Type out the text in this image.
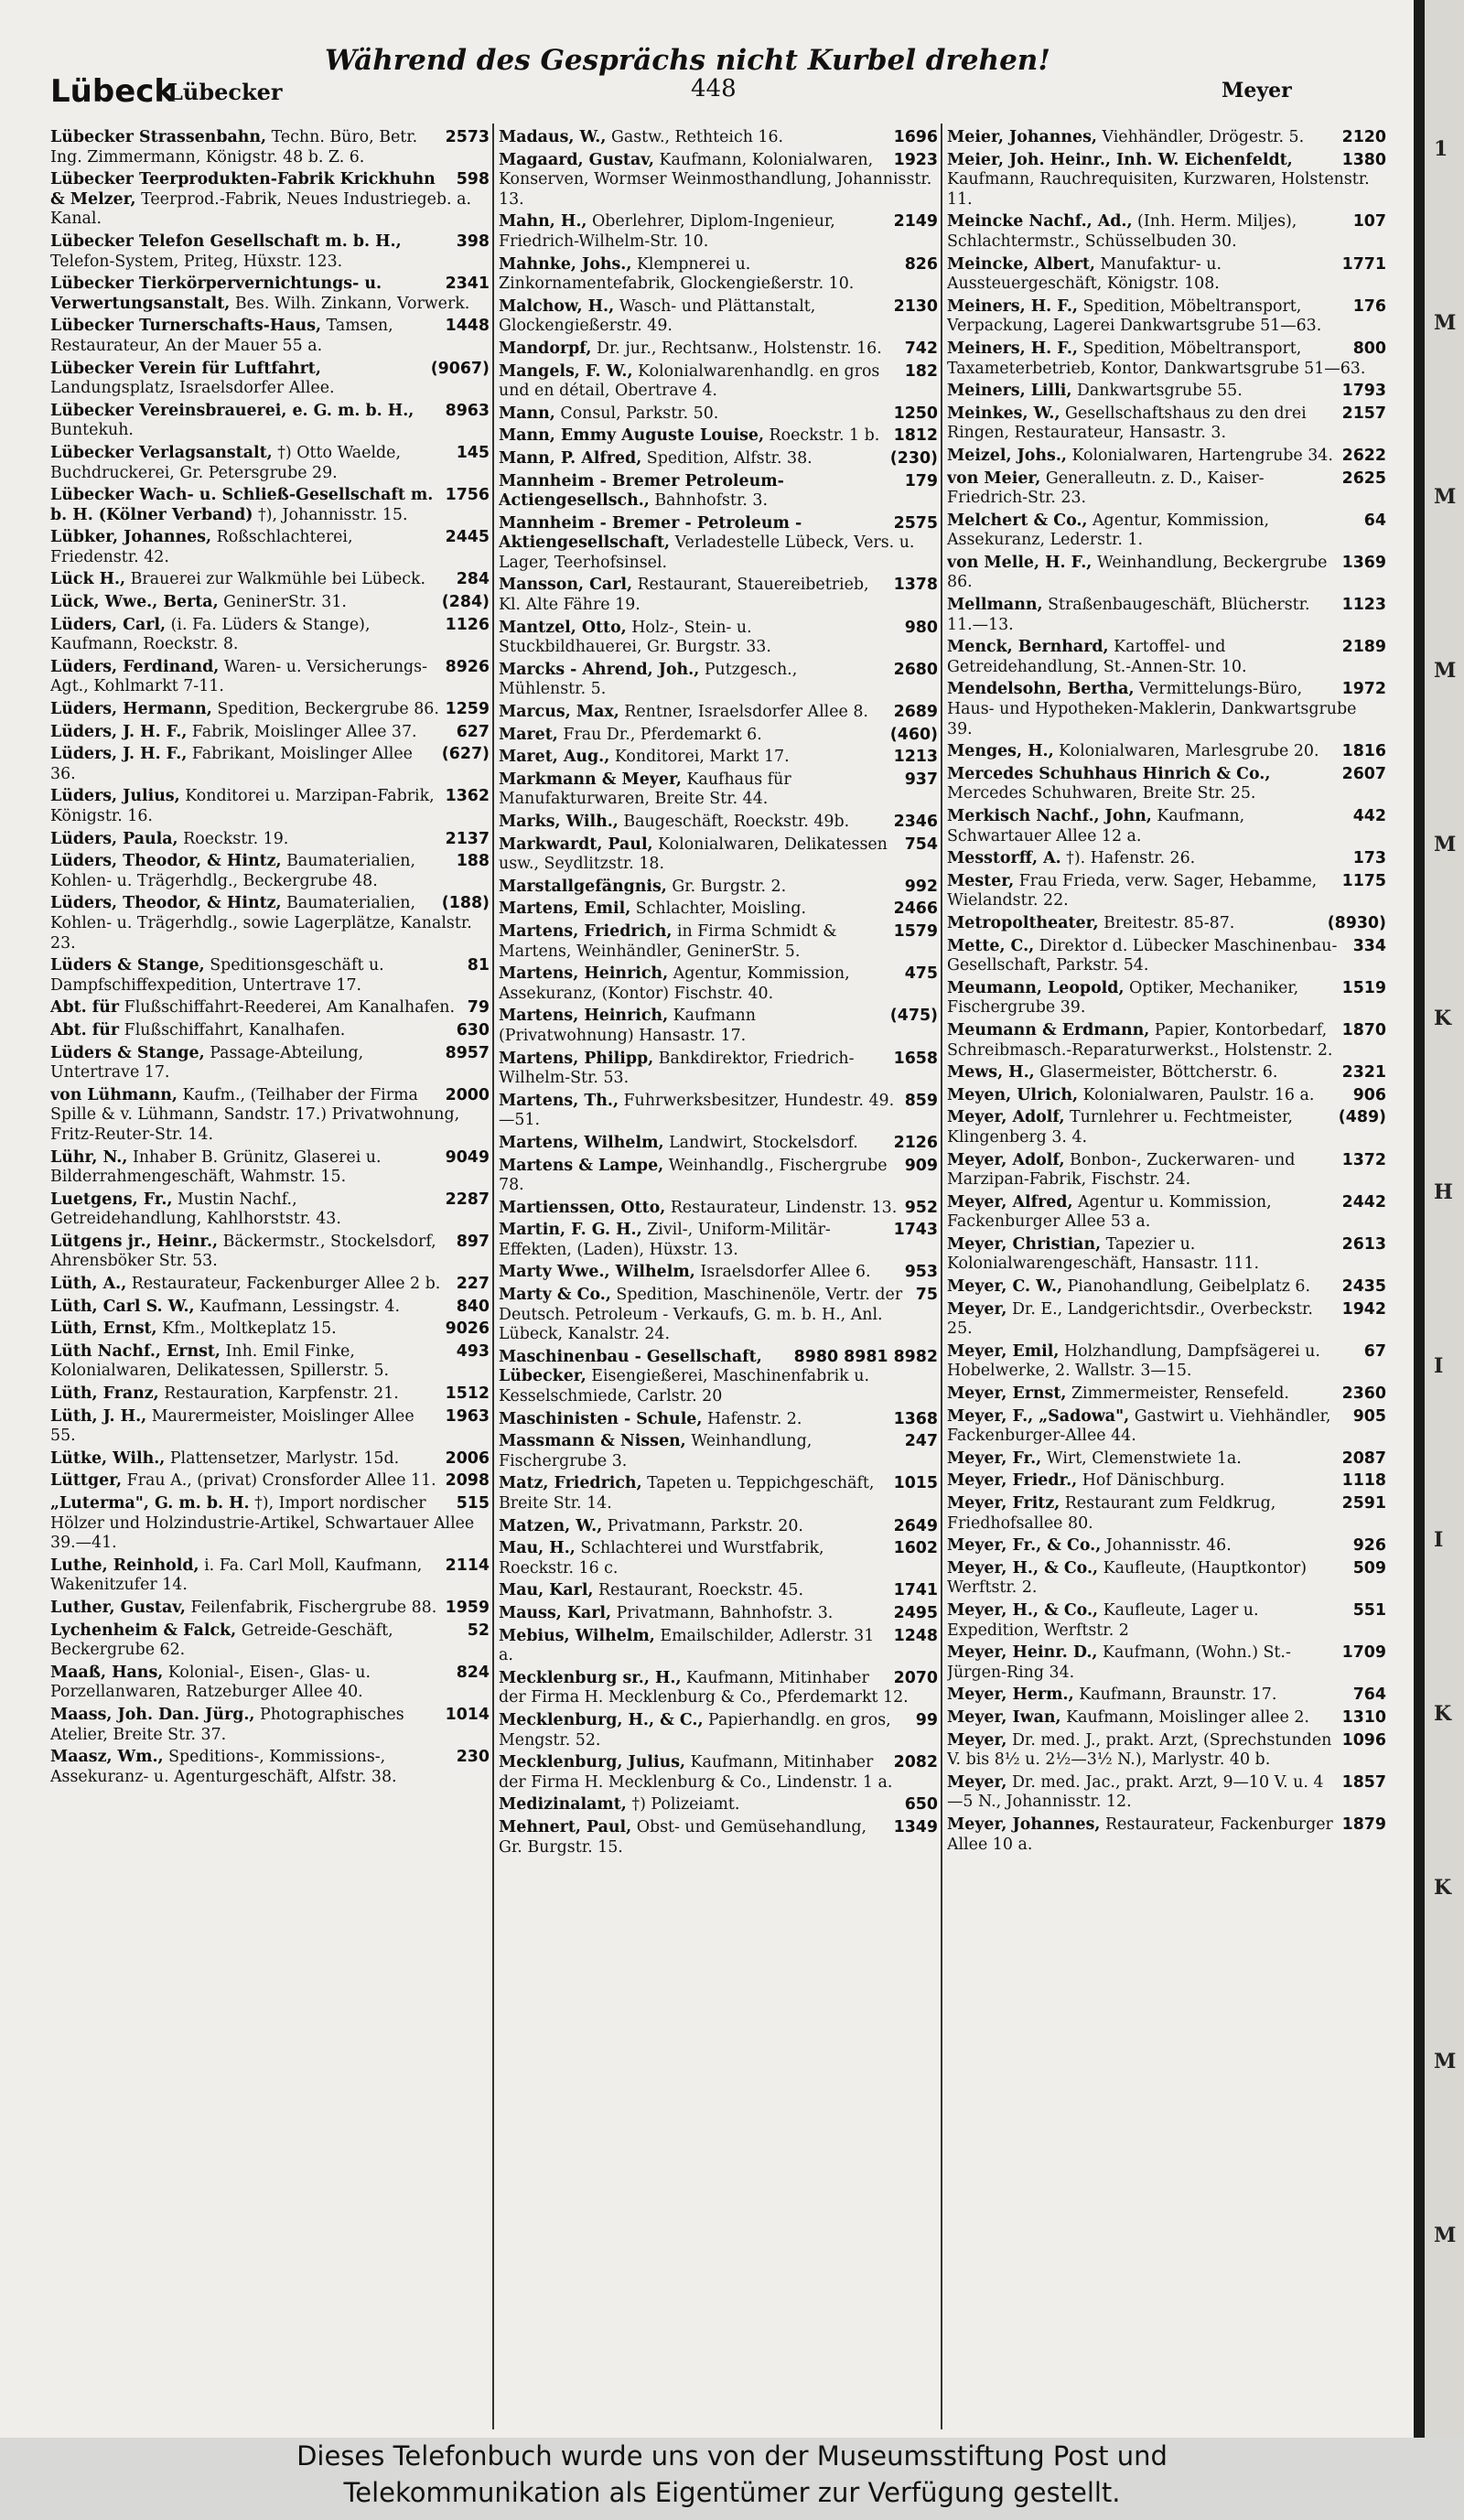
Lübeck
Lübecker
Während des Gesprächs nicht Kurbel drehen!
448	Meyer

2573
Lübecker Strassenbahn, Techn. Büro, Betr. Ing. Zimmermann, Königstr. 48 b. Z. 6.

598
Lübecker Teerprodukten-Fabrik Krickhuhn & Melzer, Teerprod.-Fabrik, Neues Industriegeb. a. Kanal.

398
Lübecker Telefon Gesellschaft m. b. H., Telefon-System, Priteg, Hüxstr. 123.

2341
Lübecker Tierkörpervernichtungs- u. Verwertungsanstalt, Bes. Wilh. Zinkann, Vorwerk.

1448
Lübecker Turnerschafts-Haus, Tamsen, Restaurateur, An der Mauer 55 a.

(9067)
Lübecker Verein für Luftfahrt, Landungsplatz, Israelsdorfer Allee.

8963
Lübecker Vereinsbrauerei, e. G. m. b. H., Buntekuh.

145
Lübecker Verlagsanstalt, †) Otto Waelde, Buchdruckerei, Gr. Petersgrube 29.

1756
Lübecker Wach- u. Schließ-Gesellschaft m. b. H. (Kölner Verband) †), Johannisstr. 15.

2445
Lübker, Johannes, Roßschlachterei, Friedenstr. 42.

284
Lück H., Brauerei zur Walkmühle bei Lübeck.

(284)
Lück, Wwe., Berta, GeninerStr. 31.

1126
Lüders, Carl, (i. Fa. Lüders & Stange), Kaufmann, Roeckstr. 8.

8926
Lüders, Ferdinand, Waren- u. Versicherungs-Agt., Kohlmarkt 7-11.

1259
Lüders, Hermann, Spedition, Beckergrube 86.

627
Lüders, J. H. F., Fabrik, Moislinger Allee 37.

(627)
Lüders, J. H. F., Fabrikant, Moislinger Allee 36.

1362
Lüders, Julius, Konditorei u. Marzipan-Fabrik, Königstr. 16.

2137
Lüders, Paula, Roeckstr. 19.

188
Lüders, Theodor, & Hintz, Baumaterialien, Kohlen- u. Trägerhdlg., Beckergrube 48.

(188)
Lüders, Theodor, & Hintz, Baumaterialien, Kohlen- u. Trägerhdlg., sowie Lagerplätze, Kanalstr. 23.

81
Lüders & Stange, Speditionsgeschäft u. Dampfschiffexpedition, Untertrave 17.

79
Abt. für Flußschiffahrt-Reederei, Am Kanalhafen.

630
Abt. für Flußschiffahrt, Kanalhafen.

8957
Lüders & Stange, Passage-Abteilung, Untertrave 17.

2000
von Lühmann, Kaufm., (Teilhaber der Firma Spille & v. Lühmann, Sandstr. 17.) Privatwohnung, Fritz-Reuter-Str. 14.

9049
Lühr, N., Inhaber B. Grünitz, Glaserei u. Bilderrahmengeschäft, Wahmstr. 15.

2287
Luetgens, Fr., Mustin Nachf., Getreidehandlung, Kahlhorststr. 43.

897
Lütgens jr., Heinr., Bäckermstr., Stockelsdorf, Ahrensböker Str. 53.

227
Lüth, A., Restaurateur, Fackenburger Allee 2 b.

840
Lüth, Carl S. W., Kaufmann, Lessingstr. 4.

9026
Lüth, Ernst, Kfm., Moltkeplatz 15.

493
Lüth Nachf., Ernst, Inh. Emil Finke, Kolonialwaren, Delikatessen, Spillerstr. 5.

1512
Lüth, Franz, Restauration, Karpfenstr. 21.

1963
Lüth, J. H., Maurermeister, Moislinger Allee 55.

2006
Lütke, Wilh., Plattensetzer, Marlystr. 15d.

2098
Lüttger, Frau A., (privat) Cronsforder Allee 11.

515
„Luterma", G. m. b. H. †), Import nordischer Hölzer und Holzindustrie-Artikel, Schwartauer Allee 39.—41.

2114
Luthe, Reinhold, i. Fa. Carl Moll, Kaufmann, Wakenitzufer 14.

1959
Luther, Gustav, Feilenfabrik, Fischergrube 88.

52
Lychenheim & Falck, Getreide-Geschäft, Beckergrube 62.

824
Maaß, Hans, Kolonial-, Eisen-, Glas- u. Porzellanwaren, Ratzeburger Allee 40.

1014
Maass, Joh. Dan. Jürg., Photographisches Atelier, Breite Str. 37.

230
Maasz, Wm., Speditions-, Kommissions-, Assekuranz- u. Agenturgeschäft, Alfstr. 38.

1696
Madaus, W., Gastw., Rethteich 16.

1923
Magaard, Gustav, Kaufmann, Kolonialwaren, Konserven, Wormser Weinmosthandlung, Johannisstr. 13.

2149
Mahn, H., Oberlehrer, Diplom-Ingenieur, Friedrich-Wilhelm-Str. 10.

826
Mahnke, Johs., Klempnerei u. Zinkornamentefabrik, Glockengießerstr. 10.

2130
Malchow, H., Wasch- und Plättanstalt, Glockengießerstr. 49.

742
Mandorpf, Dr. jur., Rechtsanw., Holstenstr. 16.

182
Mangels, F. W., Kolonialwarenhandlg. en gros und en détail, Obertrave 4.

1250
Mann, Consul, Parkstr. 50.

1812
Mann, Emmy Auguste Louise, Roeckstr. 1 b.

(230)
Mann, P. Alfred, Spedition, Alfstr. 38.

179
Mannheim - Bremer Petroleum-Actiengesellsch., Bahnhofstr. 3.

2575
Mannheim - Bremer - Petroleum - Aktiengesellschaft, Verladestelle Lübeck, Vers. u. Lager, Teerhofsinsel.

1378
Mansson, Carl, Restaurant, Stauereibetrieb, Kl. Alte Fähre 19.

980
Mantzel, Otto, Holz-, Stein- u. Stuckbildhauerei, Gr. Burgstr. 33.

2680
Marcks - Ahrend, Joh., Putzgesch., Mühlenstr. 5.

2689
Marcus, Max, Rentner, Israelsdorfer Allee 8.

(460)
Maret, Frau Dr., Pferdemarkt 6.

1213
Maret, Aug., Konditorei, Markt 17.

937
Markmann & Meyer, Kaufhaus für Manufakturwaren, Breite Str. 44.

2346
Marks, Wilh., Baugeschäft, Roeckstr. 49b.

754
Markwardt, Paul, Kolonialwaren, Delikatessen usw., Seydlitzstr. 18.

992
Marstallgefängnis, Gr. Burgstr. 2.

2466
Martens, Emil, Schlachter, Moisling.

1579
Martens, Friedrich, in Firma Schmidt & Martens, Weinhändler, GeninerStr. 5.

475
Martens, Heinrich, Agentur, Kommission, Assekuranz, (Kontor) Fischstr. 40.

(475)
Martens, Heinrich, Kaufmann (Privatwohnung) Hansastr. 17.

1658
Martens, Philipp, Bankdirektor, Friedrich-Wilhelm-Str. 53.

859
Martens, Th., Fuhrwerksbesitzer, Hundestr. 49.—51.

2126
Martens, Wilhelm, Landwirt, Stockelsdorf.

909
Martens & Lampe, Weinhandlg., Fischergrube 78.

952
Martienssen, Otto, Restaurateur, Lindenstr. 13.

1743
Martin, F. G. H., Zivil-, Uniform-Militär-Effekten, (Laden), Hüxstr. 13.

953
Marty Wwe., Wilhelm, Israelsdorfer Allee 6.

75
Marty & Co., Spedition, Maschinenöle, Vertr. der Deutsch. Petroleum - Verkaufs, G. m. b. H., Anl. Lübeck, Kanalstr. 24.

8980 8981 8982
Maschinenbau - Gesellschaft, Lübecker, Eisengießerei, Maschinenfabrik u. Kesselschmiede, Carlstr. 20

1368
Maschinisten - Schule, Hafenstr. 2.

247
Massmann & Nissen, Weinhandlung, Fischergrube 3.

1015
Matz, Friedrich, Tapeten u. Teppichgeschäft, Breite Str. 14.

2649
Matzen, W., Privatmann, Parkstr. 20.

1602
Mau, H., Schlachterei und Wurstfabrik, Roeckstr. 16 c.

1741
Mau, Karl, Restaurant, Roeckstr. 45.

2495
Mauss, Karl, Privatmann, Bahnhofstr. 3.

1248
Mebius, Wilhelm, Emailschilder, Adlerstr. 31 a.

2070
Mecklenburg sr., H., Kaufmann, Mitinhaber der Firma H. Mecklenburg & Co., Pferdemarkt 12.

99
Mecklenburg, H., & C., Papierhandlg. en gros, Mengstr. 52.

2082
Mecklenburg, Julius, Kaufmann, Mitinhaber der Firma H. Mecklenburg & Co., Lindenstr. 1 a.

650
Medizinalamt, †) Polizeiamt.

1349
Mehnert, Paul, Obst- und Gemüsehandlung, Gr. Burgstr. 15.

2120
Meier, Johannes, Viehhändler, Drögestr. 5.

1380
Meier, Joh. Heinr., Inh. W. Eichenfeldt, Kaufmann, Rauchrequisiten, Kurzwaren, Holstenstr. 11.

107
Meincke Nachf., Ad., (Inh. Herm. Miljes), Schlachtermstr., Schüsselbuden 30.

1771
Meincke, Albert, Manufaktur- u. Aussteuergeschäft, Königstr. 108.

176
Meiners, H. F., Spedition, Möbeltransport, Verpackung, Lagerei Dankwartsgrube 51—63.

800
Meiners, H. F., Spedition, Möbeltransport, Taxameterbetrieb, Kontor, Dankwartsgrube 51—63.

1793
Meiners, Lilli, Dankwartsgrube 55.

2157
Meinkes, W., Gesellschaftshaus zu den drei Ringen, Restaurateur, Hansastr. 3.

2622
Meizel, Johs., Kolonialwaren, Hartengrube 34.

2625
von Meier, Generalleutn. z. D., Kaiser-Friedrich-Str. 23.

64
Melchert & Co., Agentur, Kommission, Assekuranz, Lederstr. 1.

1369
von Melle, H. F., Weinhandlung, Beckergrube 86.

1123
Mellmann, Straßenbaugeschäft, Blücherstr. 11.—13.

2189
Menck, Bernhard, Kartoffel- und Getreidehandlung, St.-Annen-Str. 10.

1972
Mendelsohn, Bertha, Vermittelungs-Büro, Haus- und Hypotheken-Maklerin, Dankwartsgrube 39.

1816
Menges, H., Kolonialwaren, Marlesgrube 20.

2607
Mercedes Schuhhaus Hinrich & Co., Mercedes Schuhwaren, Breite Str. 25.

442
Merkisch Nachf., John, Kaufmann, Schwartauer Allee 12 a.

173
Messtorff, A. †). Hafenstr. 26.

1175
Mester, Frau Frieda, verw. Sager, Hebamme, Wielandstr. 22.

(8930)
Metropoltheater, Breitestr. 85-87.

334
Mette, C., Direktor d. Lübecker Maschinenbau-Gesellschaft, Parkstr. 54.

1519
Meumann, Leopold, Optiker, Mechaniker, Fischergrube 39.

1870
Meumann & Erdmann, Papier, Kontorbedarf, Schreibmasch.-Reparaturwerkst., Holstenstr. 2.

2321
Mews, H., Glasermeister, Böttcherstr. 6.

906
Meyen, Ulrich, Kolonialwaren, Paulstr. 16 a.

(489)
Meyer, Adolf, Turnlehrer u. Fechtmeister, Klingenberg 3. 4.

1372
Meyer, Adolf, Bonbon-, Zuckerwaren- und Marzipan-Fabrik, Fischstr. 24.

2442
Meyer, Alfred, Agentur u. Kommission, Fackenburger Allee 53 a.

2613
Meyer, Christian, Tapezier u. Kolonialwarengeschäft, Hansastr. 111.

2435
Meyer, C. W., Pianohandlung, Geibelplatz 6.

1942
Meyer, Dr. E., Landgerichtsdir., Overbeckstr. 25.

67
Meyer, Emil, Holzhandlung, Dampfsägerei u. Hobelwerke, 2. Wallstr. 3—15.

2360
Meyer, Ernst, Zimmermeister, Rensefeld.

905
Meyer, F., „Sadowa", Gastwirt u. Viehhändler, Fackenburger-Allee 44.

2087
Meyer, Fr., Wirt, Clemenstwiete 1a.

1118
Meyer, Friedr., Hof Dänischburg.

2591
Meyer, Fritz, Restaurant zum Feldkrug, Friedhofsallee 80.

926
Meyer, Fr., & Co., Johannisstr. 46.

509
Meyer, H., & Co., Kaufleute, (Hauptkontor) Werftstr. 2.

551
Meyer, H., & Co., Kaufleute, Lager u. Expedition, Werftstr. 2

1709
Meyer, Heinr. D., Kaufmann, (Wohn.) St.-Jürgen-Ring 34.

764
Meyer, Herm., Kaufmann, Braunstr. 17.

1310
Meyer, Iwan, Kaufmann, Moislinger allee 2.

1096
Meyer, Dr. med. J., prakt. Arzt, (Sprechstunden V. bis 8½ u. 2½—3½ N.), Marlystr. 40 b.

1857
Meyer, Dr. med. Jac., prakt. Arzt, 9—10 V. u. 4—5 N., Johannisstr. 12.

1879
Meyer, Johannes, Restaurateur, Fackenburger Allee 10 a.

1
M
M
M
M
K
H
I
I
K
K
M
M
Dieses Telefonbuch wurde uns von der Museumsstiftung Post und
Telekommunikation als Eigentümer zur Verfügung gestellt.
